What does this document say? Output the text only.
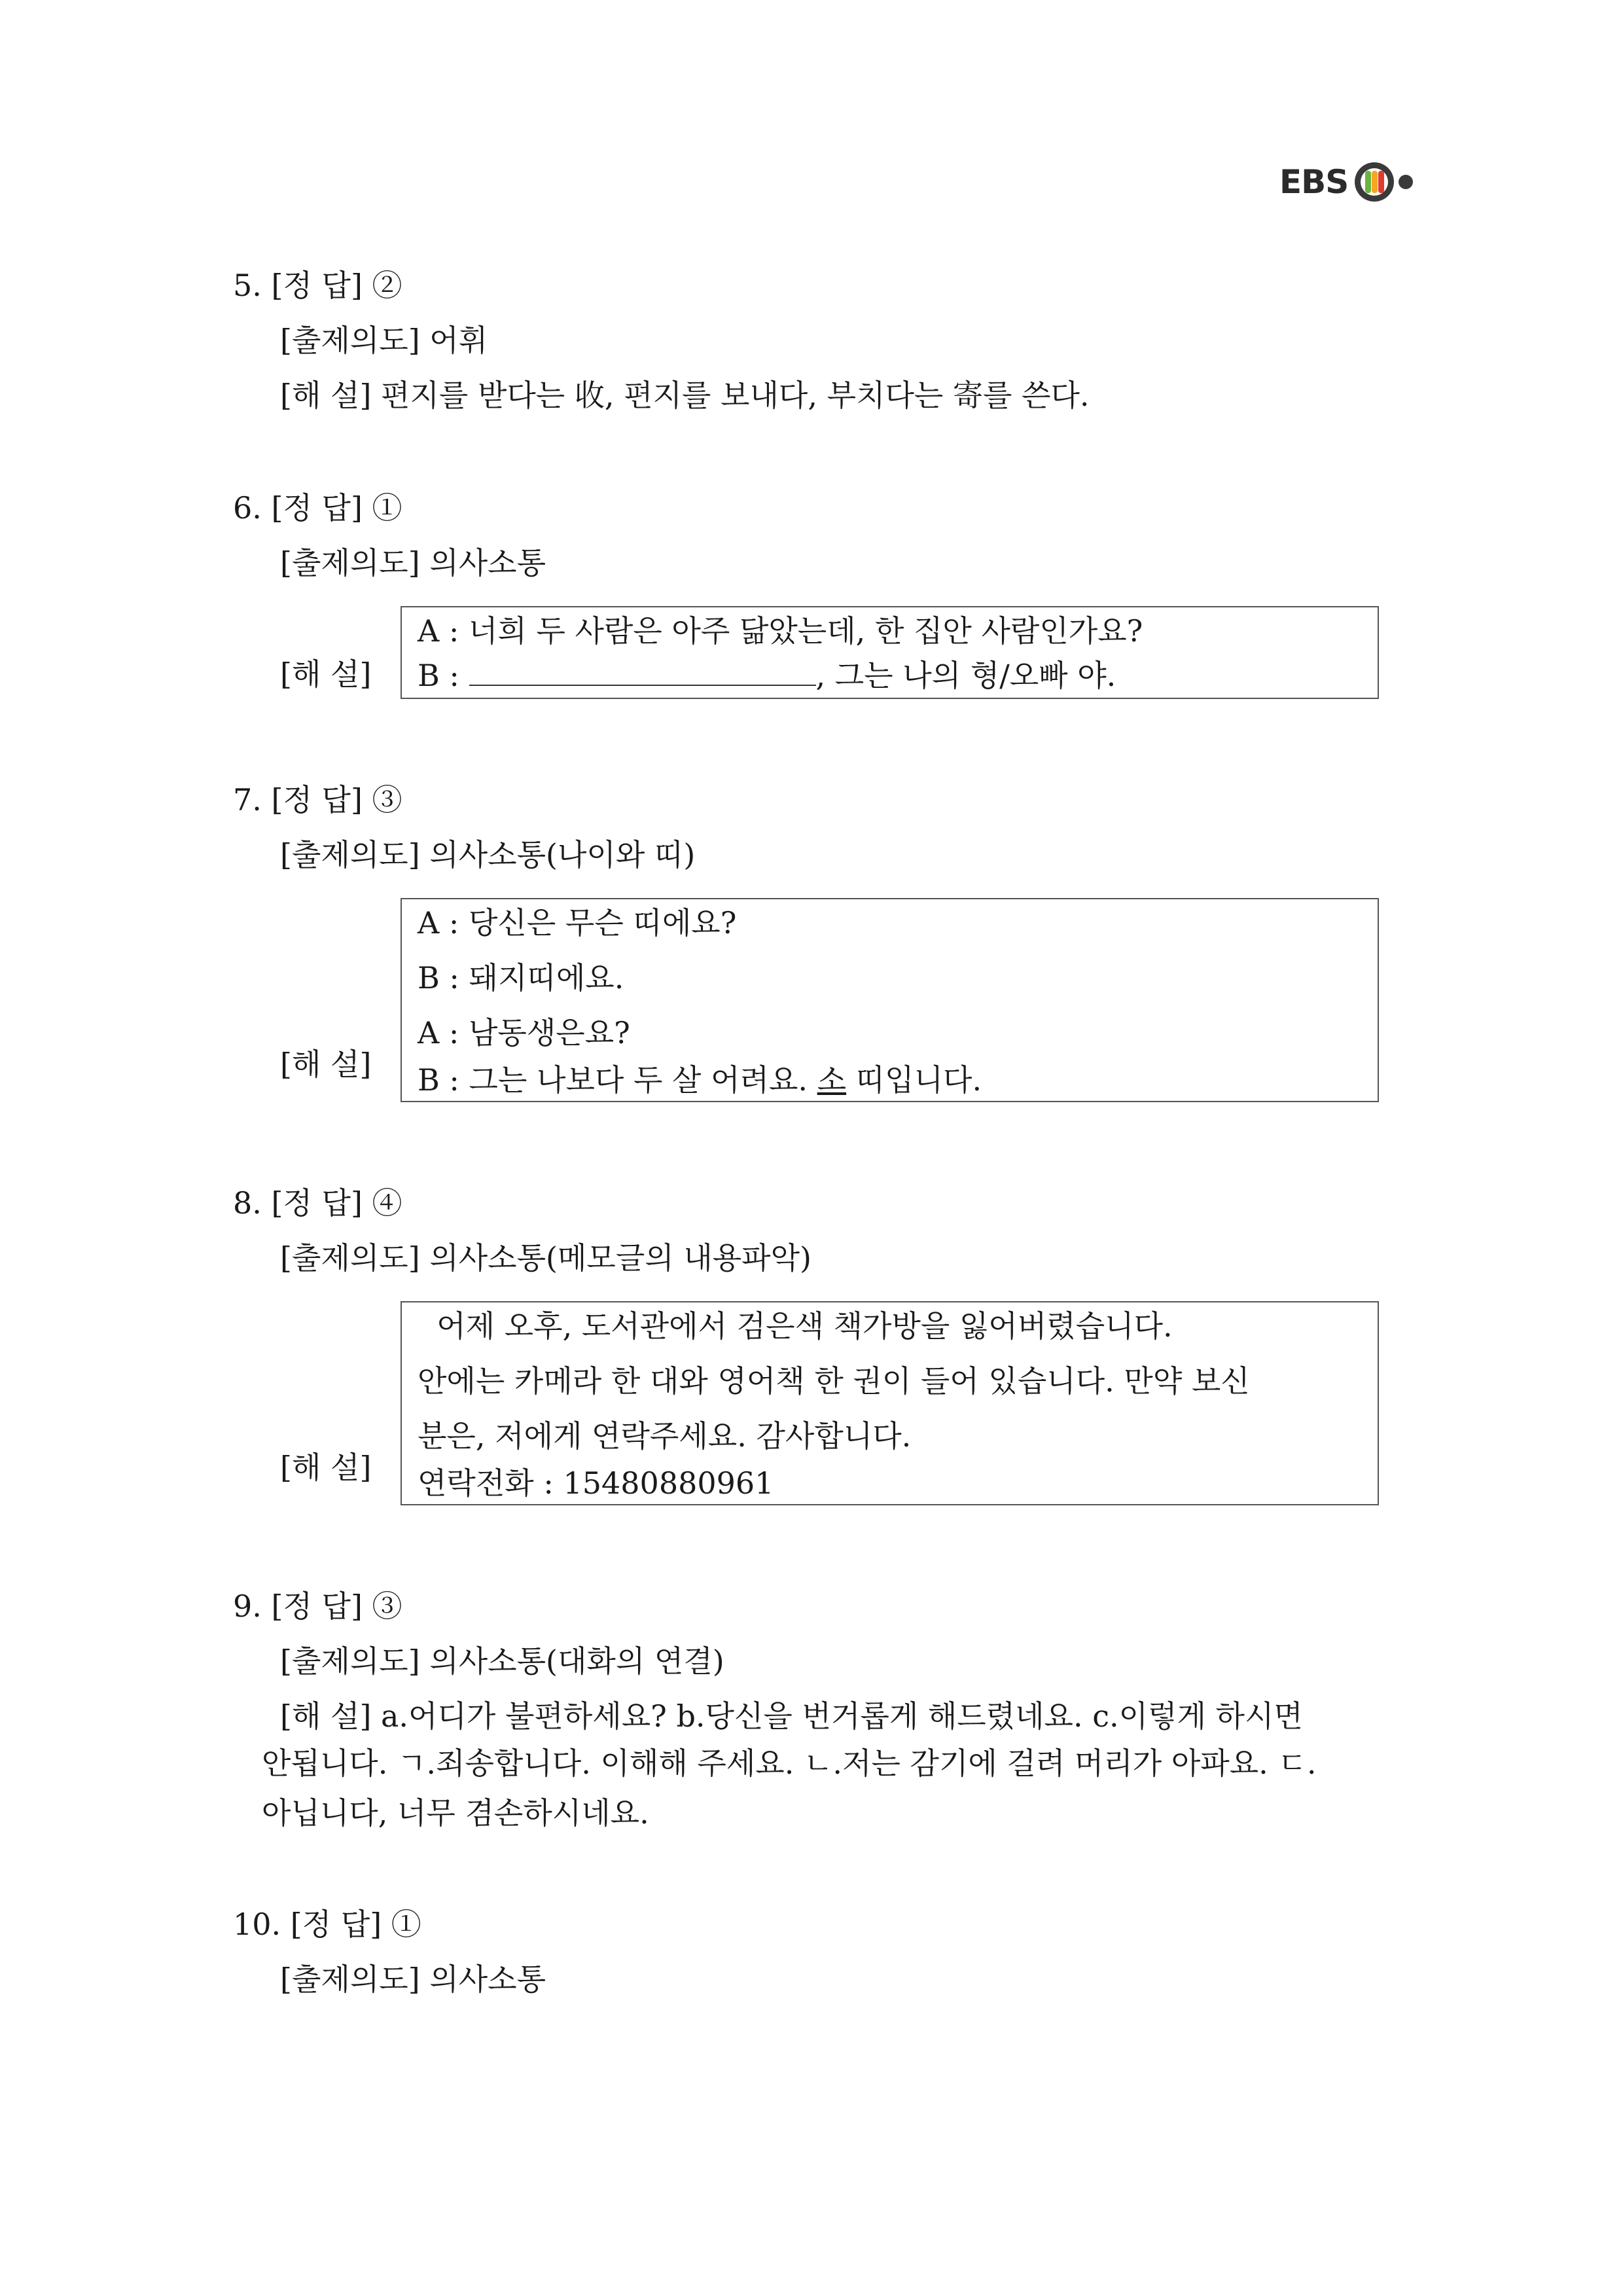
EBS
5. [정 답] ②
[출제의도] 어휘
[해 설] 편지를 받다는 收, 편지를 보내다, 부치다는 寄를 쓴다.
6. [정 답] ①
[출제의도] 의사소통
[해 설]
A : 너희 두 사람은 아주 닮았는데, 한 집안 사람인가요?
B :	, 그는 나의 형/오빠 야.
7. [정 답] ③
[출제의도] 의사소통(나이와 띠)
[해 설]
A : 당신은 무슨 띠에요?
B : 돼지띠에요.
A : 남동생은요?
B : 그는 나보다 두 살 어려요. 소 띠입니다.
8. [정 답] ④
[출제의도] 의사소통(메모글의 내용파악)
[해 설]
어제 오후, 도서관에서 검은색 책가방을 잃어버렸습니다.
안에는 카메라 한 대와 영어책 한 권이 들어 있습니다. 만약 보신
분은, 저에게 연락주세요. 감사합니다.
연락전화 : 15480880961
9. [정 답] ③
[출제의도] 의사소통(대화의 연결)
[해 설] a.어디가 불편하세요? b.당신을 번거롭게 해드렸네요. c.이렇게 하시면
안됩니다. ㄱ.죄송합니다. 이해해 주세요. ㄴ.저는 감기에 걸려 머리가 아파요. ㄷ.
아닙니다, 너무 겸손하시네요.
10. [정 답] ①
[출제의도] 의사소통
